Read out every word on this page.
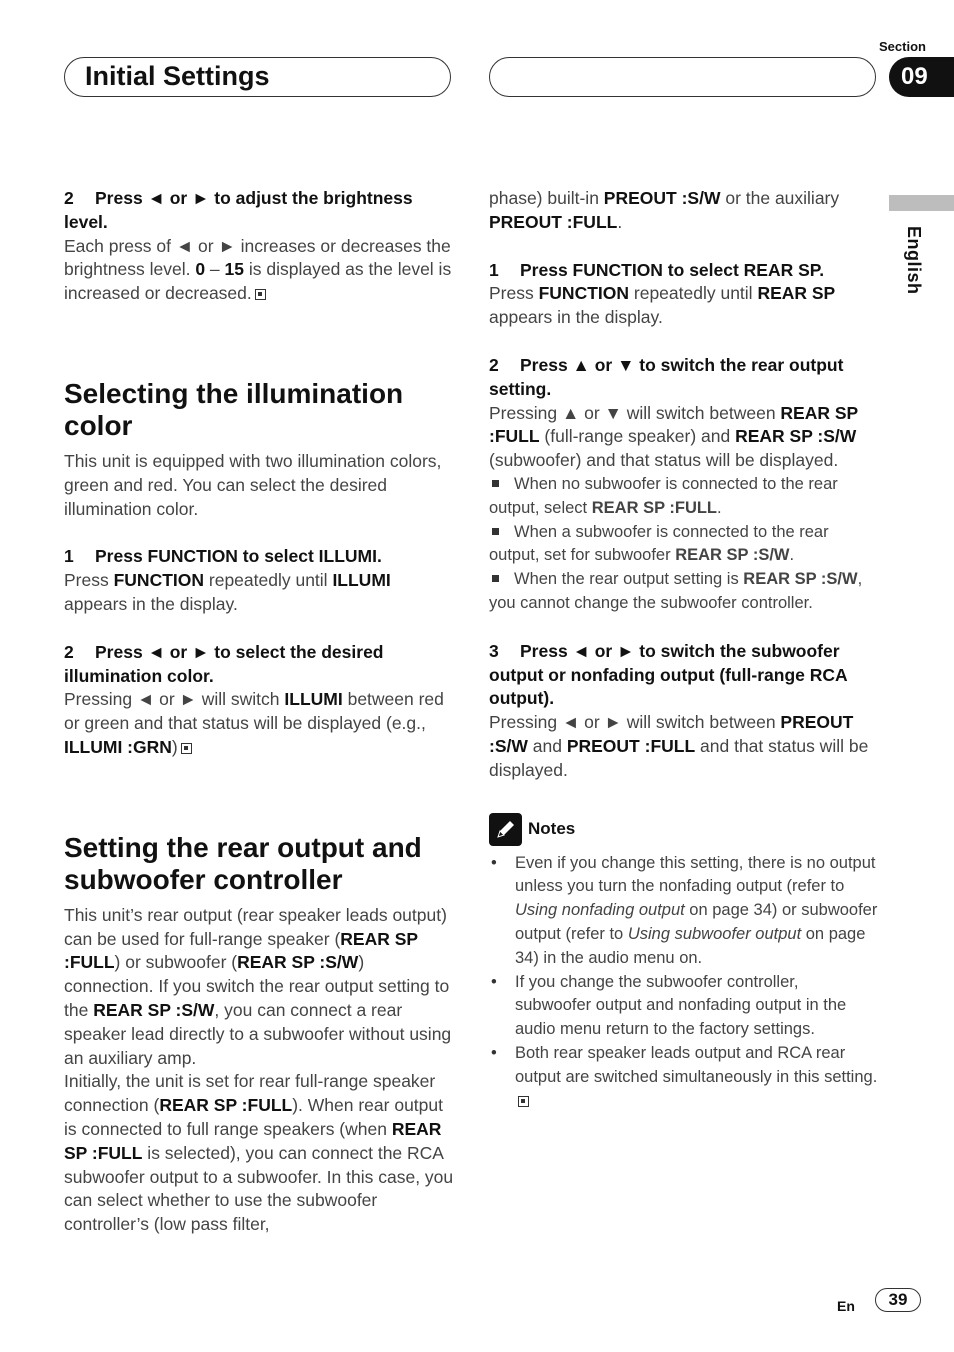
Initial Settings
Section
09
English

2 Press ◄ or ► to adjust the brightness level.

Each press of ◄ or ► increases or decreases the brightness level. 0 – 15 is displayed as the level is increased or decreased.

Selecting the illumination color

This unit is equipped with two illumination colors, green and red. You can select the desired illumination color.

1 Press FUNCTION to select ILLUMI.

Press FUNCTION repeatedly until ILLUMI appears in the display.

2 Press ◄ or ► to select the desired illumination color.

Pressing ◄ or ► will switch ILLUMI between red or green and that status will be displayed (e.g., ILLUMI :GRN)

Setting the rear output and subwoofer controller

This unit’s rear output (rear speaker leads output) can be used for full-range speaker (REAR SP :FULL) or subwoofer (REAR SP :S/W) connection. If you switch the rear output setting to the REAR SP :S/W, you can connect a rear speaker lead directly to a subwoofer without using an auxiliary amp.

Initially, the unit is set for rear full-range speaker connection (REAR SP :FULL). When rear output is connected to full range speakers (when REAR SP :FULL is selected), you can connect the RCA subwoofer output to a subwoofer. In this case, you can select whether to use the subwoofer controller’s (low pass filter,

phase) built-in PREOUT :S/W or the auxiliary PREOUT :FULL.

1 Press FUNCTION to select REAR SP.

Press FUNCTION repeatedly until REAR SP appears in the display.

2 Press ▲ or ▼ to switch the rear output setting.

Pressing ▲ or ▼ will switch between REAR SP :FULL (full-range speaker) and REAR SP :S/W (subwoofer) and that status will be displayed.

When no subwoofer is connected to the rear output, select REAR SP :FULL.

When a subwoofer is connected to the rear output, set for subwoofer REAR SP :S/W.

When the rear output setting is REAR SP :S/W, you cannot change the subwoofer controller.

3 Press ◄ or ► to switch the subwoofer output or nonfading output (full-range RCA output).

Pressing ◄ or ► will switch between PREOUT :S/W and PREOUT :FULL and that status will be displayed.

Notes
• Even if you change this setting, there is no output unless you turn the nonfading output (refer to Using nonfading output on page 34) or subwoofer output (refer to Using subwoofer output on page 34) in the audio menu on.
• If you change the subwoofer controller, subwoofer output and nonfading output in the audio menu return to the factory settings.
• Both rear speaker leads output and RCA rear output are switched simultaneously in this setting.
En	39
